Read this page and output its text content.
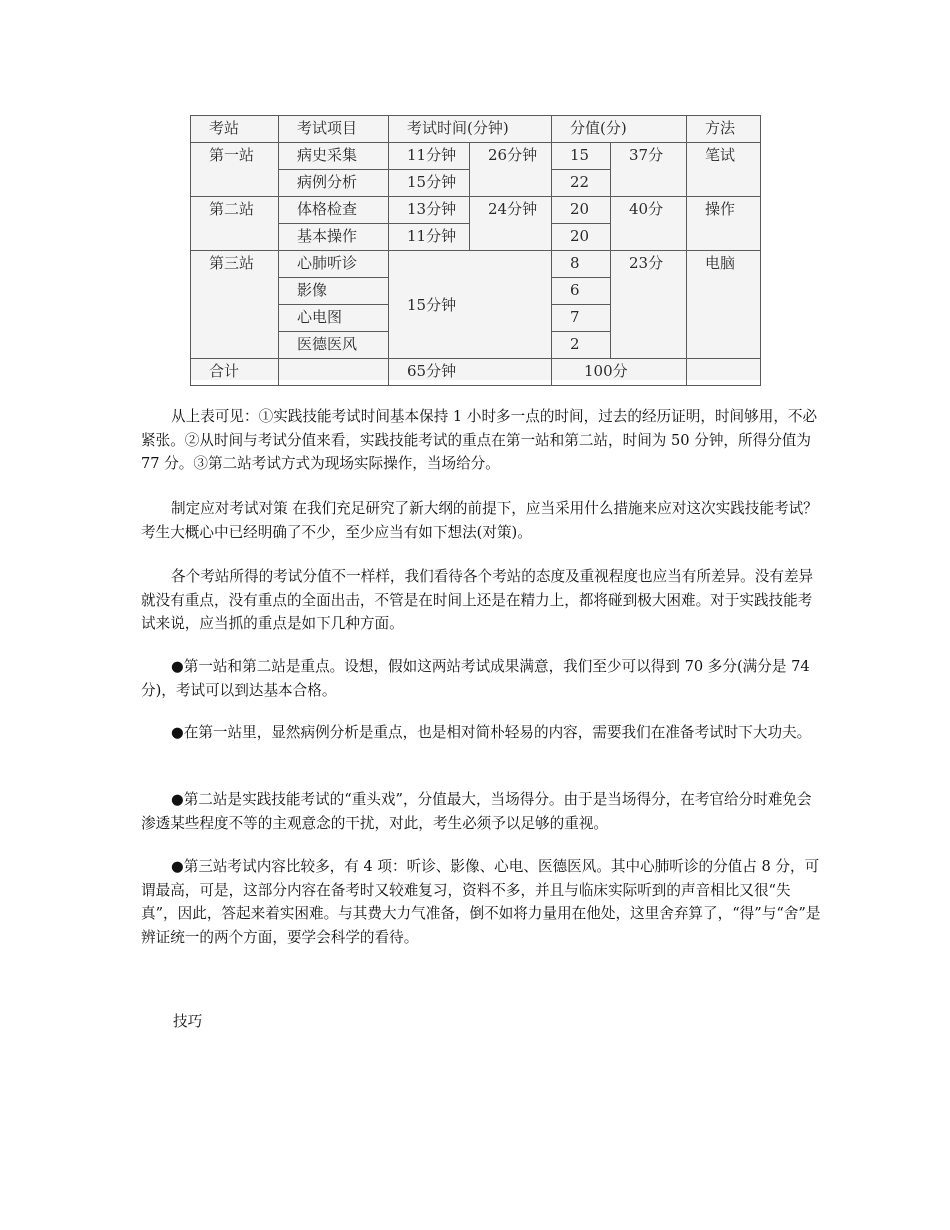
考站	考试项目	考试时间(分钟)		分值(分)		方法
第一站	病史采集	11分钟	26分钟	15	37分	笔试
	病例分析	15分钟		22		
第二站	体格检查	13分钟	24分钟	20	40分	操作
	基本操作	11分钟		20		
第三站	心肺听诊	15分钟		8	23分	电脑
	影像			6		
	心电图			7		
	医德医风			2		
合计		65分钟		100分		

从上表可见：①实践技能考试时间基本保持 1 小时多一点的时间，过去的经历证明，时间够用，不必紧张。②从时间与考试分值来看，实践技能考试的重点在第一站和第二站，时间为 50 分钟，所得分值为 77 分。③第二站考试方式为现场实际操作，当场给分。

制定应对考试对策 在我们充足研究了新大纲的前提下，应当采用什么措施来应对这次实践技能考试？考生大概心中已经明确了不少，至少应当有如下想法(对策)。

各个考站所得的考试分值不一样样，我们看待各个考站的态度及重视程度也应当有所差异。没有差异就没有重点，没有重点的全面出击，不管是在时间上还是在精力上，都将碰到极大困难。对于实践技能考试来说，应当抓的重点是如下几种方面。

●第一站和第二站是重点。设想，假如这两站考试成果满意，我们至少可以得到 70 多分(满分是 74 分)，考试可以到达基本合格。

●在第一站里，显然病例分析是重点，也是相对简朴轻易的内容，需要我们在准备考试时下大功夫。

●第二站是实践技能考试的“重头戏”，分值最大，当场得分。由于是当场得分，在考官给分时难免会渗透某些程度不等的主观意念的干扰，对此，考生必须予以足够的重视。

●第三站考试内容比较多，有 4 项：听诊、影像、心电、医德医风。其中心肺听诊的分值占 8 分，可谓最高，可是，这部分内容在备考时又较难复习，资料不多，并且与临床实际听到的声音相比又很“失真”，因此，答起来着实困难。与其费大力气准备，倒不如将力量用在他处，这里舍弃算了，“得”与“舍”是辨证统一的两个方面，要学会科学的看待。

技巧
